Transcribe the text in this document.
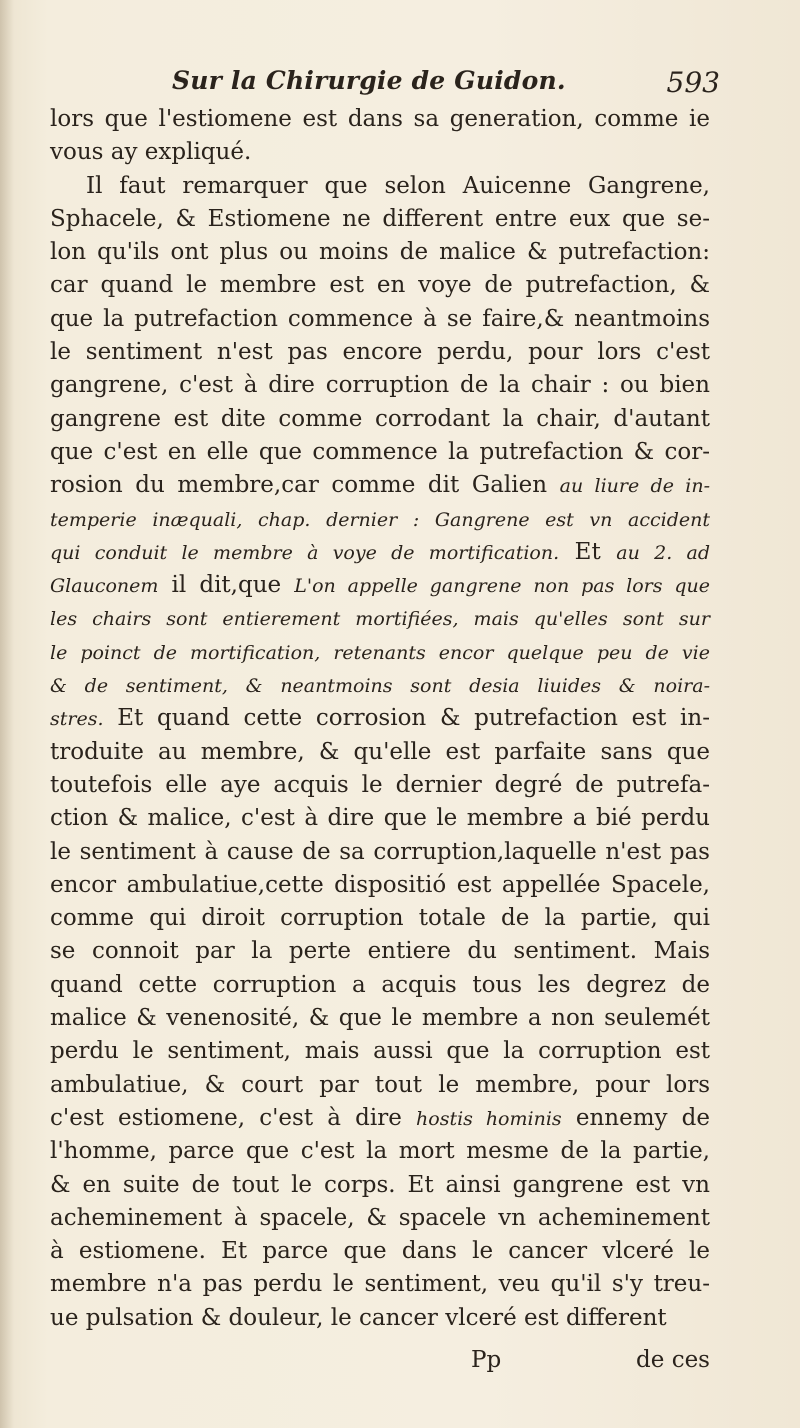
Sur la Chirurgie de Guidon.	593
lors que l'estiomene est dans sa generation, comme ie
vous ay expliqué.
Il faut remarquer que selon Auicenne Gangrene,
Sphacele, & Estiomene ne different entre eux que se-
lon qu'ils ont plus ou moins de malice & putrefaction:
car quand le membre est en voye de putrefaction, &
que la putrefaction commence à se faire,& neantmoins
le sentiment n'est pas encore perdu, pour lors c'est
gangrene, c'est à dire corruption de la chair : ou bien
gangrene est dite comme corrodant la chair, d'autant
que c'est en elle que commence la putrefaction & cor-
rosion du membre,car comme dit Galien au liure de in-
temperie inæquali, chap. dernier : Gangrene est vn accident
qui conduit le membre à voye de mortification. Et au 2. ad
Glauconem il dit,que L'on appelle gangrene non pas lors que
les chairs sont entierement mortifiées, mais qu'elles sont sur
le poinct de mortification, retenants encor quelque peu de vie
& de sentiment, & neantmoins sont desia liuides & noira-
stres. Et quand cette corrosion & putrefaction est in-
troduite au membre, & qu'elle est parfaite sans que
toutefois elle aye acquis le dernier degré de putrefa-
ction & malice, c'est à dire que le membre a bié perdu
le sentiment à cause de sa corruption,laquelle n'est pas
encor ambulatiue,cette dispositió est appellée Spacele,
comme qui diroit corruption totale de la partie, qui
se connoit par la perte entiere du sentiment. Mais
quand cette corruption a acquis tous les degrez de
malice & venenosité, & que le membre a non seulemét
perdu le sentiment, mais aussi que la corruption est
ambulatiue, & court par tout le membre, pour lors
c'est estiomene, c'est à dire hostis hominis ennemy de
l'homme, parce que c'est la mort mesme de la partie,
& en suite de tout le corps. Et ainsi gangrene est vn
acheminement à spacele, & spacele vn acheminement
à estiomene. Et parce que dans le cancer vlceré le
membre n'a pas perdu le sentiment, veu qu'il s'y treu-
ue pulsation & douleur, le cancer vlceré est different
Pp	de ces
